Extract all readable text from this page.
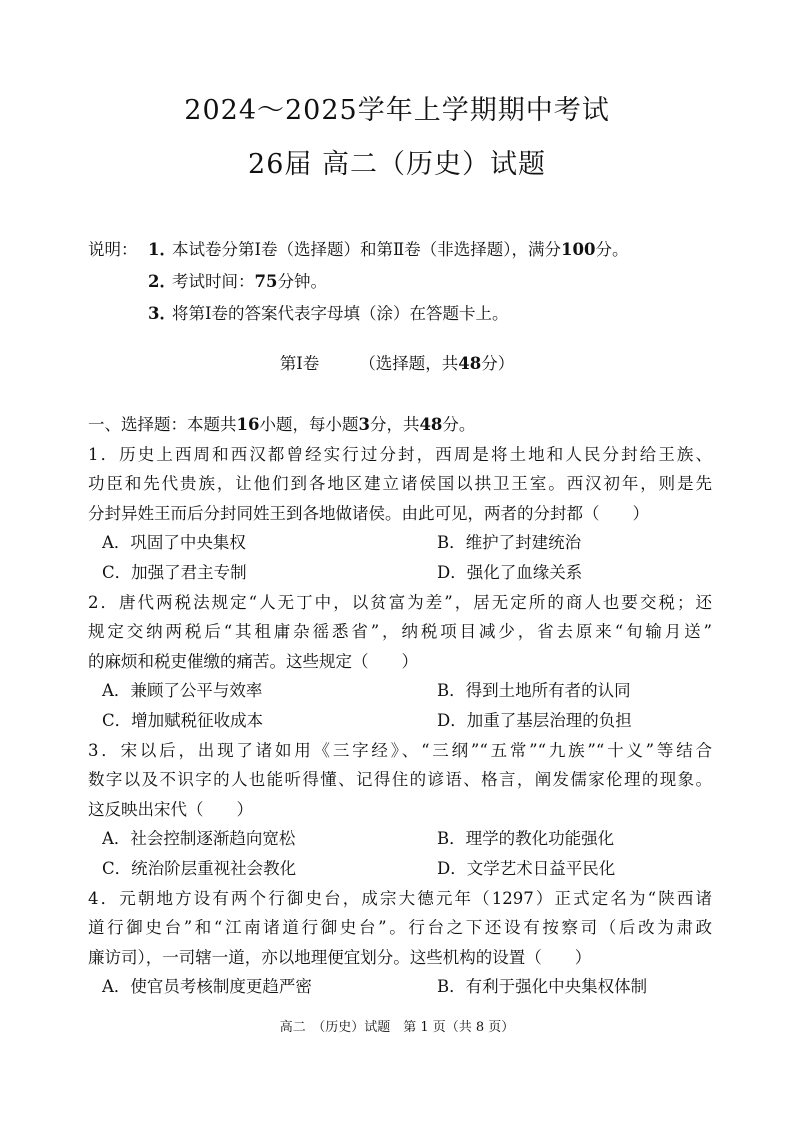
2024～2025学年上学期期中考试
26届 高二（历史）试题
说明： 1．
本试卷分第Ⅰ卷（选择题）和第Ⅱ卷（非选择题），满分100分。
2．
考试时间：75分钟。
3．
将第Ⅰ卷的答案代表字母填（涂）在答题卡上。
第Ⅰ卷 （选择题，共48分）
一、选择题：本题共16小题，每小题3分，共48分。
1．历史上西周和西汉都曾经实行过分封，西周是将土地和人民分封给王族、
功臣和先代贵族，让他们到各地区建立诸侯国以拱卫王室。西汉初年，则是先
分封异姓王而后分封同姓王到各地做诸侯。由此可见，两者的分封都（　　）
A．巩固了中央集权	B．维护了封建统治
C．加强了君主专制	D．强化了血缘关系
2．唐代两税法规定“人无丁中，以贫富为差”，居无定所的商人也要交税；还
规定交纳两税后“其租庸杂徭悉省”，纳税项目减少，省去原来“旬输月送”
的麻烦和税吏催缴的痛苦。这些规定（　　）
A．兼顾了公平与效率	B．得到土地所有者的认同
C．增加赋税征收成本	D．加重了基层治理的负担
3．宋以后，出现了诸如用《三字经》、“三纲”“五常”“九族”“十义”等结合
数字以及不识字的人也能听得懂、记得住的谚语、格言，阐发儒家伦理的现象。
这反映出宋代（　　）
A．社会控制逐渐趋向宽松	B．理学的教化功能强化
C．统治阶层重视社会教化	D．文学艺术日益平民化
4．元朝地方设有两个行御史台，成宗大德元年（1297）正式定名为“陕西诸
道行御史台”和“江南诸道行御史台”。行台之下还设有按察司（后改为肃政
廉访司），一司辖一道，亦以地理便宜划分。这些机构的设置（　　）
A．使官员考核制度更趋严密	B．有利于强化中央集权体制
高二　（历史）试题　第 1 页（共 8 页）
